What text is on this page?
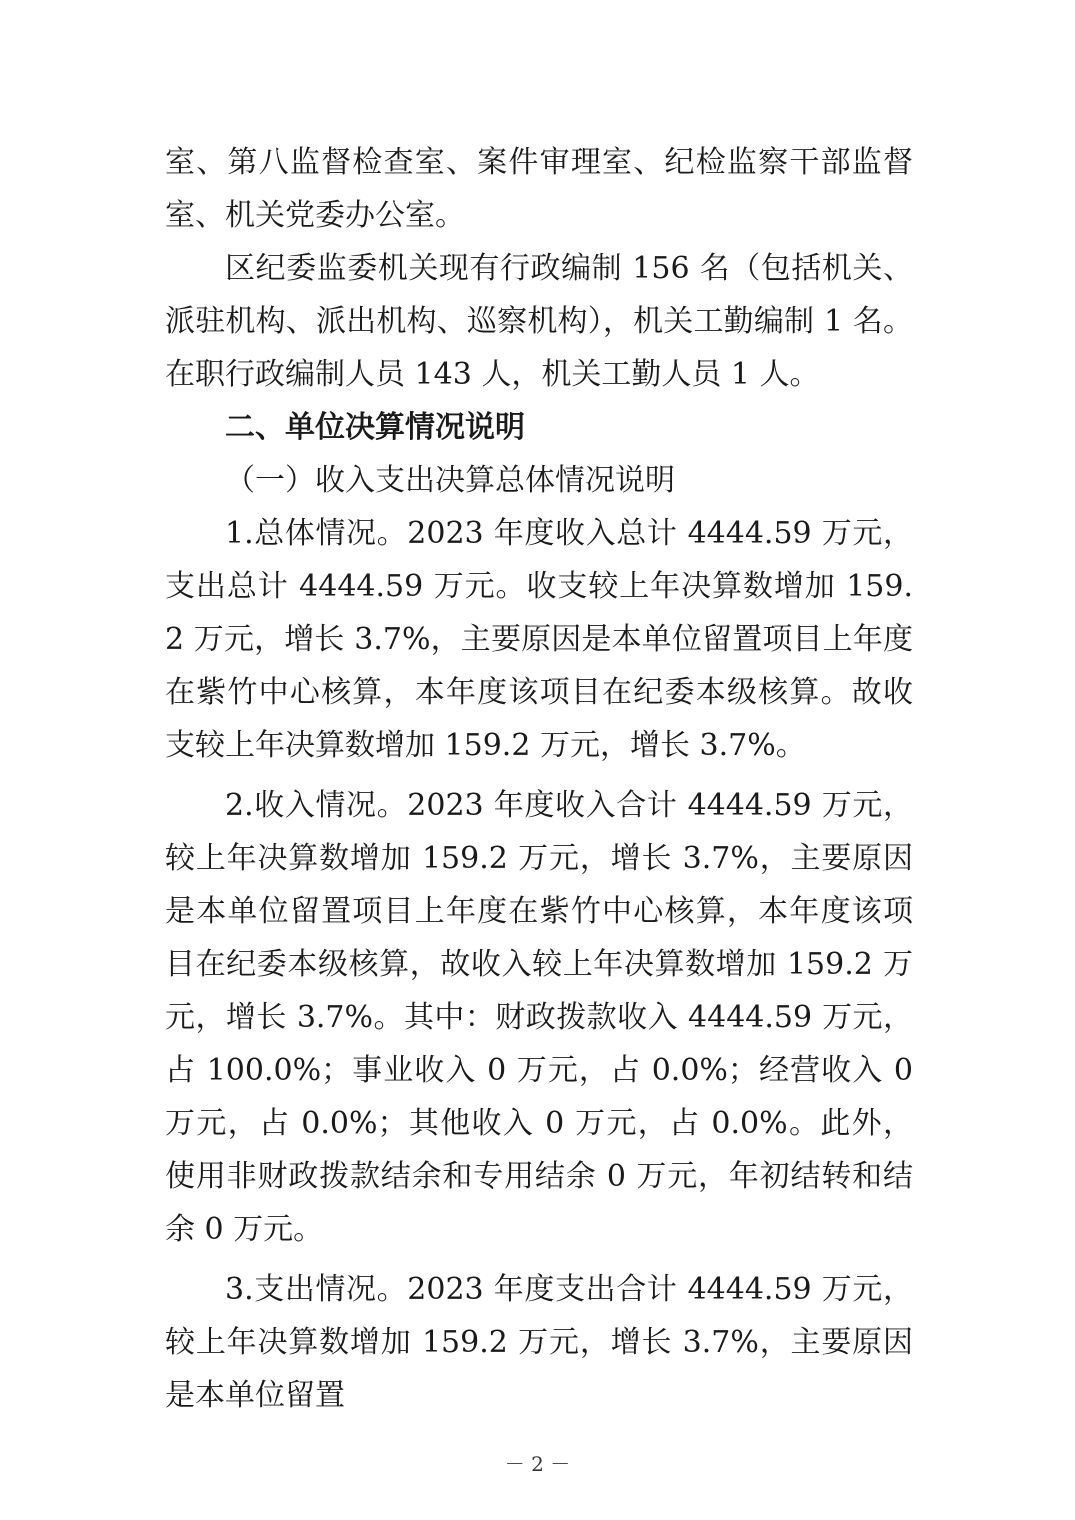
室、第八监督检查室、案件审理室、纪检监察干部监督室、机关党委办公室。

区纪委监委机关现有行政编制 156 名（包括机关、派驻机构、派出机构、巡察机构），机关工勤编制 1 名。在职行政编制人员 143 人，机关工勤人员 1 人。

二、单位决算情况说明

（一）收入支出决算总体情况说明

1.总体情况。2023 年度收入总计 4444.59 万元，支出总计 4444.59 万元。收支较上年决算数增加 159.2 万元，增长 3.7%，主要原因是本单位留置项目上年度在紫竹中心核算，本年度该项目在纪委本级核算。故收支较上年决算数增加 159.2 万元，增长 3.7%。

2.收入情况。2023 年度收入合计 4444.59 万元，较上年决算数增加 159.2 万元，增长 3.7%，主要原因是本单位留置项目上年度在紫竹中心核算，本年度该项目在纪委本级核算，故收入较上年决算数增加 159.2 万元，增长 3.7%。其中：财政拨款收入 4444.59 万元，占 100.0%；事业收入 0 万元，占 0.0%；经营收入 0 万元，占 0.0%；其他收入 0 万元，占 0.0%。此外，使用非财政拨款结余和专用结余 0 万元，年初结转和结余 0 万元。

3.支出情况。2023 年度支出合计 4444.59 万元，较上年决算数增加 159.2 万元，增长 3.7%，主要原因是本单位留置

－ 2 －
